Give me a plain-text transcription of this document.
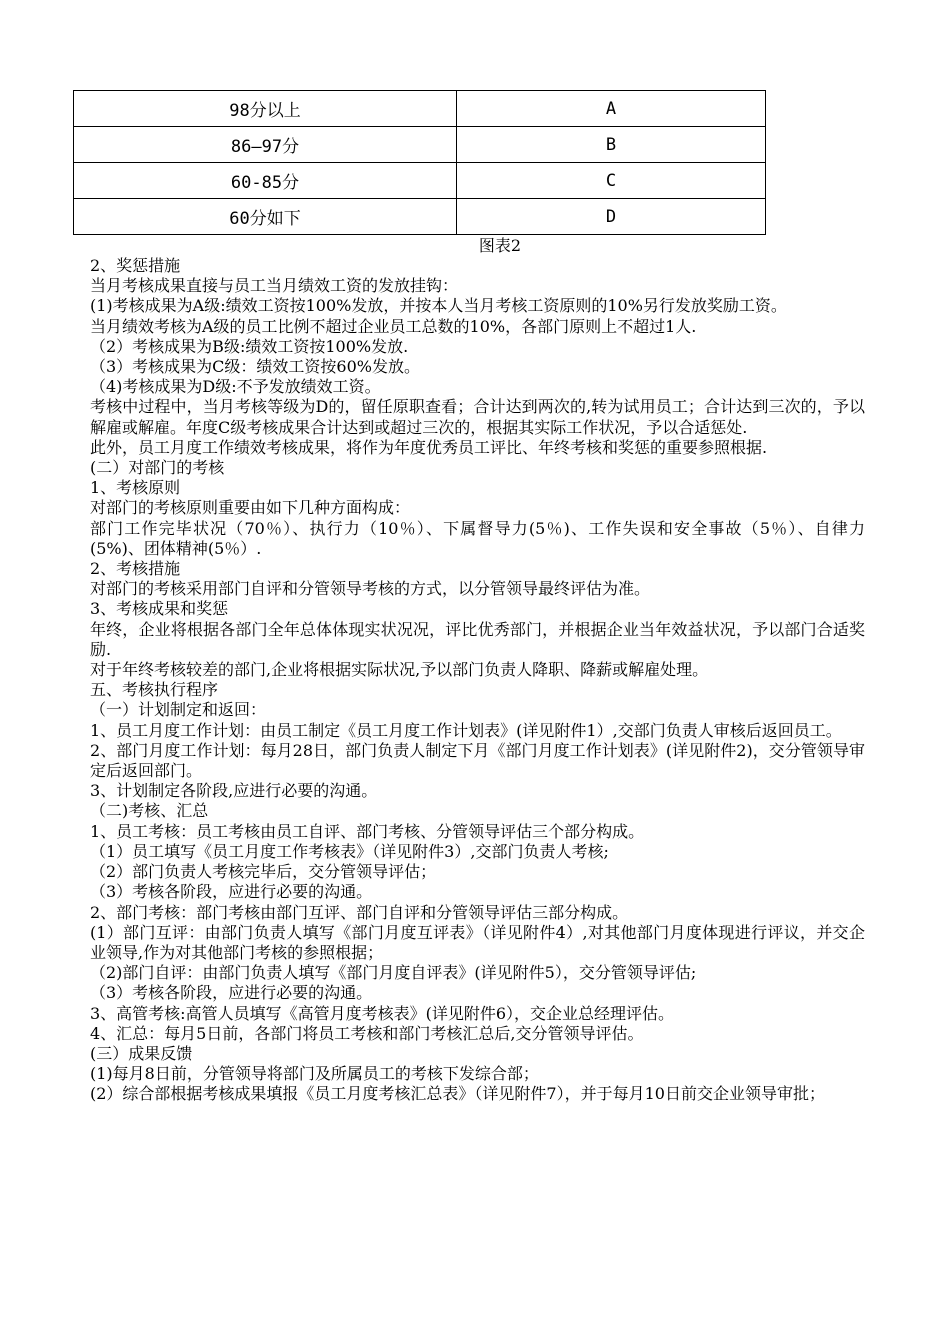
98分以上	A
86—97分	B
60-85分	C
60分如下	D
图表2

2、奖惩措施

当月考核成果直接与员工当月绩效工资的发放挂钩：

(1)考核成果为A级:绩效工资按100%发放，并按本人当月考核工资原则的10%另行发放奖励工资。

当月绩效考核为A级的员工比例不超过企业员工总数的10%，各部门原则上不超过1人.

（2）考核成果为B级:绩效工资按100%发放.

（3）考核成果为C级：绩效工资按60%发放。

（4)考核成果为D级:不予发放绩效工资。

考核中过程中，当月考核等级为D的，留任原职查看；合计达到两次的,转为试用员工；合计达到三次的，予以解雇或解雇。年度C级考核成果合计达到或超过三次的，根据其实际工作状况，予以合适惩处.

此外，员工月度工作绩效考核成果，将作为年度优秀员工评比、年终考核和奖惩的重要参照根据.

(二）对部门的考核

1、考核原则

对部门的考核原则重要由如下几种方面构成：

部门工作完毕状况（70％）、执行力（10％）、下属督导力(5％)、工作失误和安全事故（5％）、自律力(5%)、团体精神(5％）.

2、考核措施

对部门的考核采用部门自评和分管领导考核的方式，以分管领导最终评估为准。

3、考核成果和奖惩

年终，企业将根据各部门全年总体体现实状况况，评比优秀部门，并根据企业当年效益状况，予以部门合适奖励.

对于年终考核较差的部门,企业将根据实际状况,予以部门负责人降职、降薪或解雇处理。

五、考核执行程序

（一）计划制定和返回：

1、员工月度工作计划：由员工制定《员工月度工作计划表》(详见附件1）,交部门负责人审核后返回员工。

2、部门月度工作计划：每月28日，部门负责人制定下月《部门月度工作计划表》(详见附件2)，交分管领导审定后返回部门。

3、计划制定各阶段,应进行必要的沟通。

（二)考核、汇总

1、员工考核：员工考核由员工自评、部门考核、分管领导评估三个部分构成。

（1）员工填写《员工月度工作考核表》（详见附件3）,交部门负责人考核;

（2）部门负责人考核完毕后，交分管领导评估；

（3）考核各阶段，应进行必要的沟通。

2、部门考核：部门考核由部门互评、部门自评和分管领导评估三部分构成。

(1）部门互评：由部门负责人填写《部门月度互评表》（详见附件4）,对其他部门月度体现进行评议，并交企业领导,作为对其他部门考核的参照根据；

（2)部门自评：由部门负责人填写《部门月度自评表》(详见附件5），交分管领导评估;

（3）考核各阶段，应进行必要的沟通。

3、高管考核:高管人员填写《高管月度考核表》(详见附件6），交企业总经理评估。

4、汇总：每月5日前，各部门将员工考核和部门考核汇总后,交分管领导评估。

(三）成果反馈

(1)每月8日前，分管领导将部门及所属员工的考核下发综合部；

(2）综合部根据考核成果填报《员工月度考核汇总表》（详见附件7），并于每月10日前交企业领导审批；
